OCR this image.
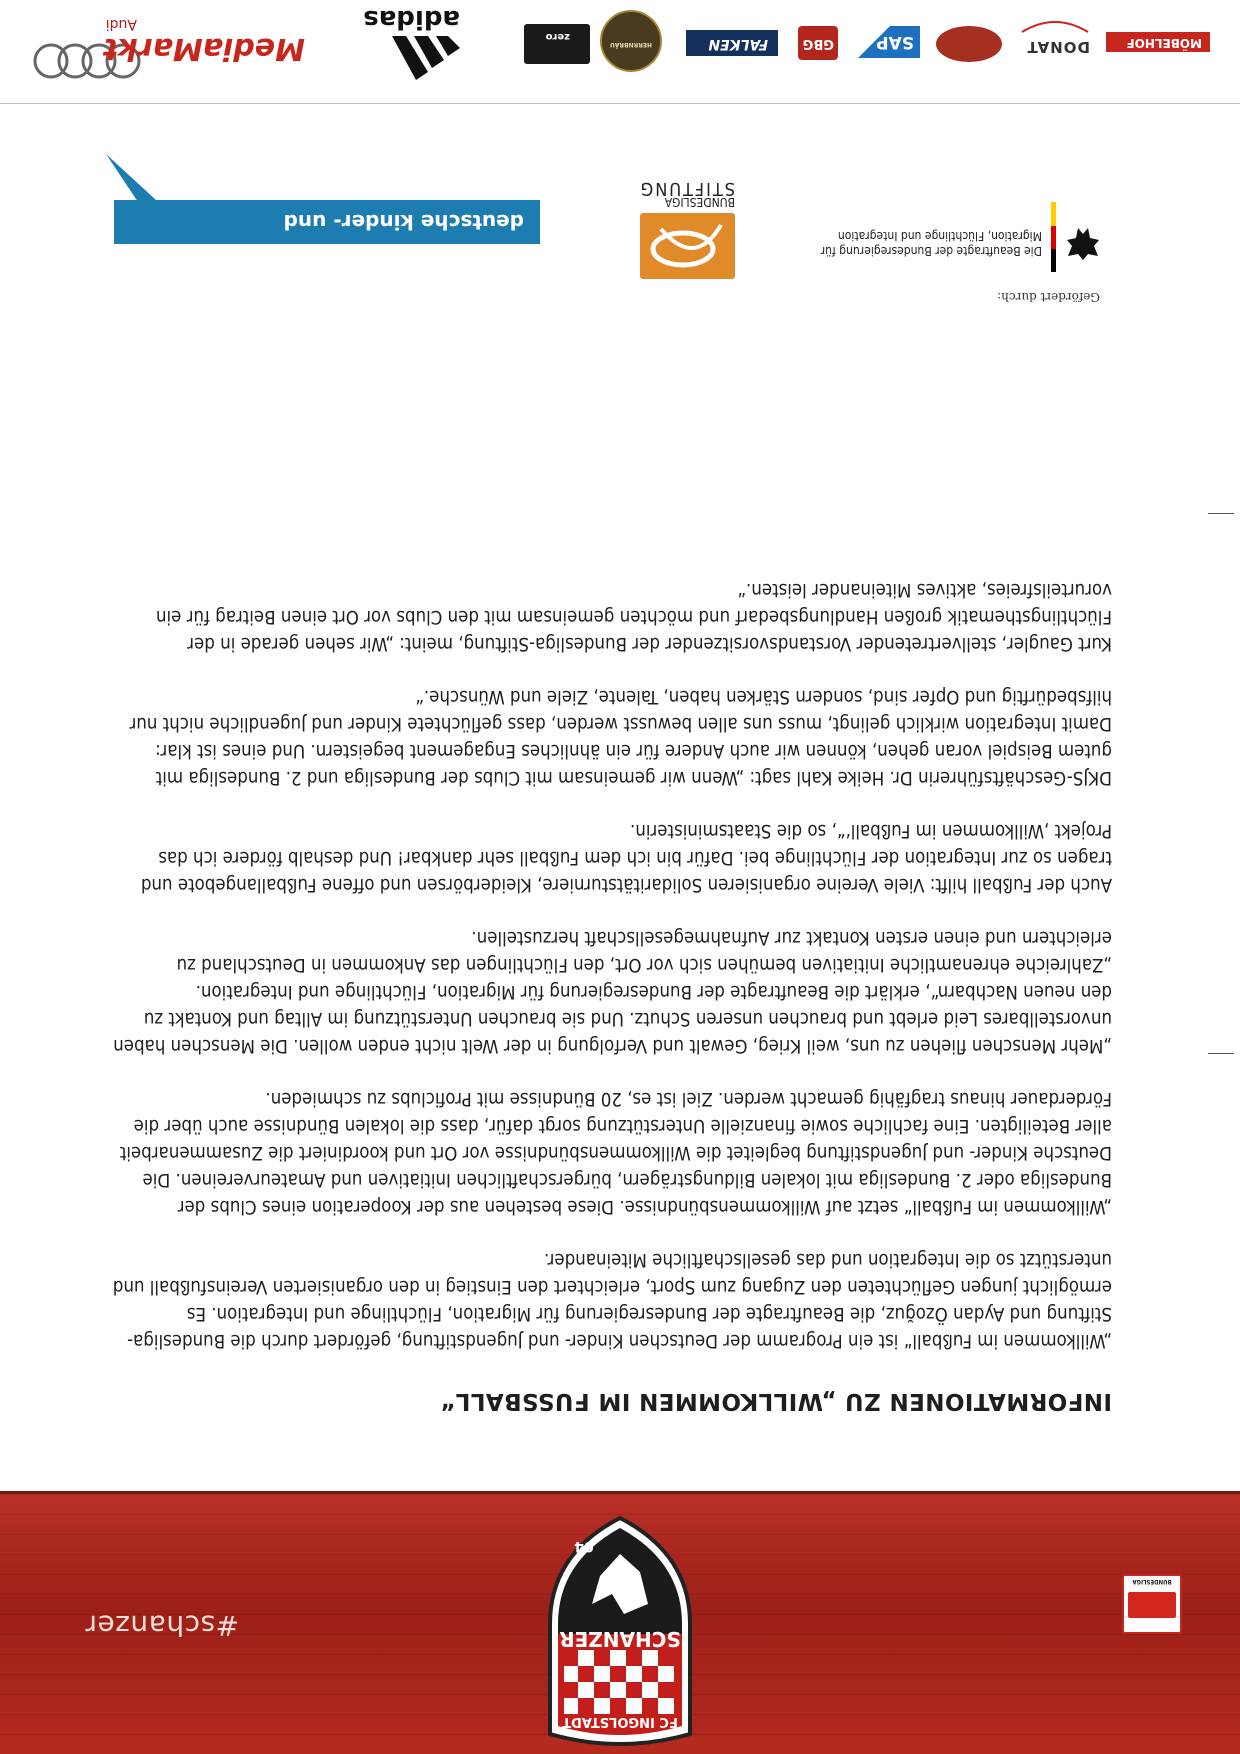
BUNDESLIGA
FC INGOLSTADT
SCHANZER
04
#schanzer
INFORMATIONEN ZU „WILLKOMMEN IM FUSSBALL“

„Willkommen im Fußball“ ist ein Programm der Deutschen Kinder- und Jugendstiftung, gefördert durch die Bundesliga-Stiftung und Aydan Özoğuz, die Beauftragte der Bundesregierung für Migration, Flüchtlinge und Integration. Es ermöglicht jungen Geflüchteten den Zugang zum Sport, erleichtert den Einstieg in den organisierten Vereinsfußball und unterstützt so die Integration und das gesellschaftliche Miteinander.

„Willkommen im Fußball“ setzt auf Willkommensbündnisse. Diese bestehen aus der Kooperation eines Clubs der Bundesliga oder 2. Bundesliga mit lokalen Bildungsträgern, bürgerschaftlichen Initiativen und Amateurvereinen. Die Deutsche Kinder- und Jugendstiftung begleitet die Willkommensbündnisse vor Ort und koordiniert die Zusammenarbeit aller Beteiligten. Eine fachliche sowie finanzielle Unterstützung sorgt dafür, dass die lokalen Bündnisse auch über die Förderdauer hinaus tragfähig gemacht werden. Ziel ist es, 20 Bündnisse mit Proficlubs zu schmieden.

„Mehr Menschen fliehen zu uns, weil Krieg, Gewalt und Verfolgung in der Welt nicht enden wollen. Die Menschen haben unvorstellbares Leid erlebt und brauchen unseren Schutz. Und sie brauchen Unterstützung im Alltag und Kontakt zu den neuen Nachbarn“, erklärt die Beauftragte der Bundesregierung für Migration, Flüchtlinge und Integration. „Zahlreiche ehrenamtliche Initiativen bemühen sich vor Ort, den Flüchtlingen das Ankommen in Deutschland zu erleichtern und einen ersten Kontakt zur Aufnahmegesellschaft herzustellen.

Auch der Fußball hilft: Viele Vereine organisieren Solidaritätsturniere, Kleiderbörsen und offene Fußballangebote und tragen so zur Integration der Flüchtlinge bei. Dafür bin ich dem Fußball sehr dankbar! Und deshalb fördere ich das Projekt ‚Willkommen im Fußball‘“, so die Staatsministerin.

DKJS-Geschäftsführerin Dr. Heike Kahl sagt: „Wenn wir gemeinsam mit Clubs der Bundesliga und 2. Bundesliga mit gutem Beispiel voran gehen, können wir auch Andere für ein ähnliches Engagement begeistern. Und eines ist klar: Damit Integration wirklich gelingt, muss uns allen bewusst werden, dass geflüchtete Kinder und Jugendliche nicht nur hilfsbedürftig und Opfer sind, sondern Stärken haben, Talente, Ziele und Wünsche.“

Kurt Gaugler, stellvertretender Vorstandsvorsitzender der Bundesliga-Stiftung, meint: „Wir sehen gerade in der Flüchtlingsthematik großen Handlungsbedarf und möchten gemeinsam mit den Clubs vor Ort einen Beitrag für ein vorurteilsfreies, aktives Miteinander leisten.“

Gefördert durch:
Die Beauftragte der Bundesregierung für Migration, Flüchtlinge und Integration
BUNDESLIGA
STIFTUNG
deutsche kinder- und jugendstiftung
Audi
MediaMarkt
adidas
zero
HERRNBRÄU	FALKEN	GBG SAP	DONAT	MÖBELHOF
